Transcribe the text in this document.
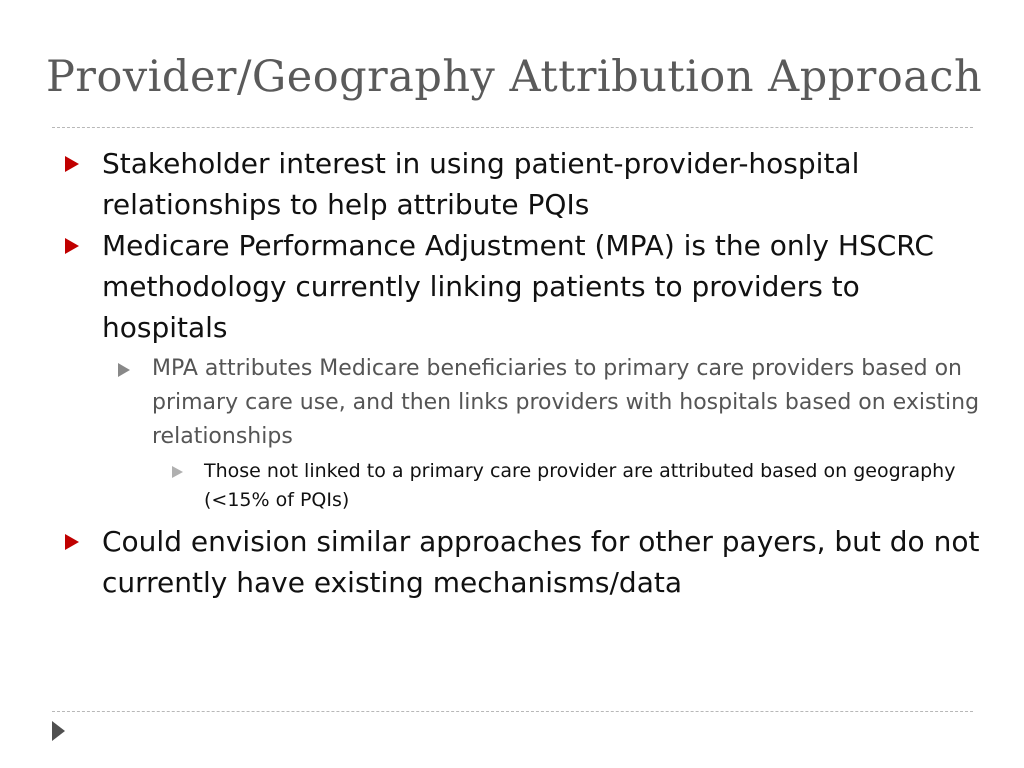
Provider/Geography Attribution Approach
Stakeholder interest in using patient-provider-hospital relationships to help attribute PQIs
Medicare Performance Adjustment (MPA) is the only HSCRC methodology currently linking patients to providers to hospitals
MPA attributes Medicare beneficiaries to primary care providers based on primary care use, and then links providers with hospitals based on existing relationships
Those not linked to a primary care provider are attributed based on geography (<15% of PQIs)
Could envision similar approaches for other payers, but do not currently have existing mechanisms/data
